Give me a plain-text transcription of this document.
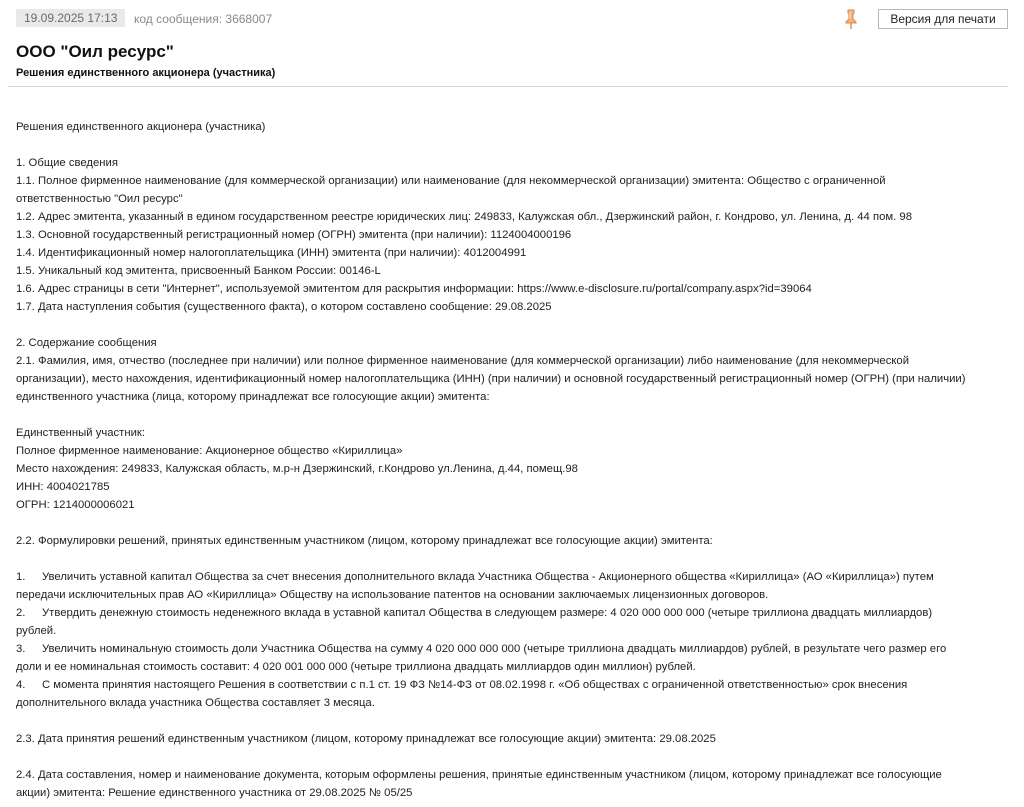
19.09.2025 17:13	код сообщения: 3668007	Версия для печати
ООО "Оил ресурс"
Решения единственного акционера (участника)

Решения единственного акционера (участника)

1. Общие сведения

1.1. Полное фирменное наименование (для коммерческой организации) или наименование (для некоммерческой организации) эмитента: Общество с ограниченной

ответственностью "Оил ресурс"

1.2. Адрес эмитента, указанный в едином государственном реестре юридических лиц: 249833, Калужская обл., Дзержинский район, г. Кондрово, ул. Ленина, д. 44 пом. 98

1.3. Основной государственный регистрационный номер (ОГРН) эмитента (при наличии): 1124004000196

1.4. Идентификационный номер налогоплательщика (ИНН) эмитента (при наличии): 4012004991

1.5. Уникальный код эмитента, присвоенный Банком России: 00146-L

1.6. Адрес страницы в сети "Интернет", используемой эмитентом для раскрытия информации: https://www.e-disclosure.ru/portal/company.aspx?id=39064

1.7. Дата наступления события (существенного факта), о котором составлено сообщение: 29.08.2025

2. Содержание сообщения

2.1. Фамилия, имя, отчество (последнее при наличии) или полное фирменное наименование (для коммерческой организации) либо наименование (для некоммерческой

организации), место нахождения, идентификационный номер налогоплательщика (ИНН) (при наличии) и основной государственный регистрационный номер (ОГРН) (при наличии)

единственного участника (лица, которому принадлежат все голосующие акции) эмитента:

Единственный участник:

Полное фирменное наименование: Акционерное общество «Кириллица»

Место нахождения: 249833, Калужская область, м.р-н Дзержинский, г.Кондрово ул.Ленина, д.44, помещ.98

ИНН: 4004021785

ОГРН: 1214000006021

2.2. Формулировки решений, принятых единственным участником (лицом, которому принадлежат все голосующие акции) эмитента:

1. Увеличить уставной капитал Общества за счет внесения дополнительного вклада Участника Общества - Акционерного общества «Кириллица» (АО «Кириллица») путем

передачи исключительных прав АО «Кириллица» Обществу на использование патентов на основании заключаемых лицензионных договоров.

2. Утвердить денежную стоимость неденежного вклада в уставной капитал Общества в следующем размере: 4 020 000 000 000 (четыре триллиона двадцать миллиардов)

рублей.

3. Увеличить номинальную стоимость доли Участника Общества на сумму 4 020 000 000 000 (четыре триллиона двадцать миллиардов) рублей, в результате чего размер его

доли и ее номинальная стоимость составит: 4 020 001 000 000 (четыре триллиона двадцать миллиардов один миллион) рублей.

4. С момента принятия настоящего Решения в соответствии с п.1 ст. 19 ФЗ №14-ФЗ от 08.02.1998 г. «Об обществах с ограниченной ответственностью» срок внесения

дополнительного вклада участника Общества составляет 3 месяца.

2.3. Дата принятия решений единственным участником (лицом, которому принадлежат все голосующие акции) эмитента: 29.08.2025

2.4. Дата составления, номер и наименование документа, которым оформлены решения, принятые единственным участником (лицом, которому принадлежат все голосующие

акции) эмитента: Решение единственного участника от 29.08.2025 № 05/25
